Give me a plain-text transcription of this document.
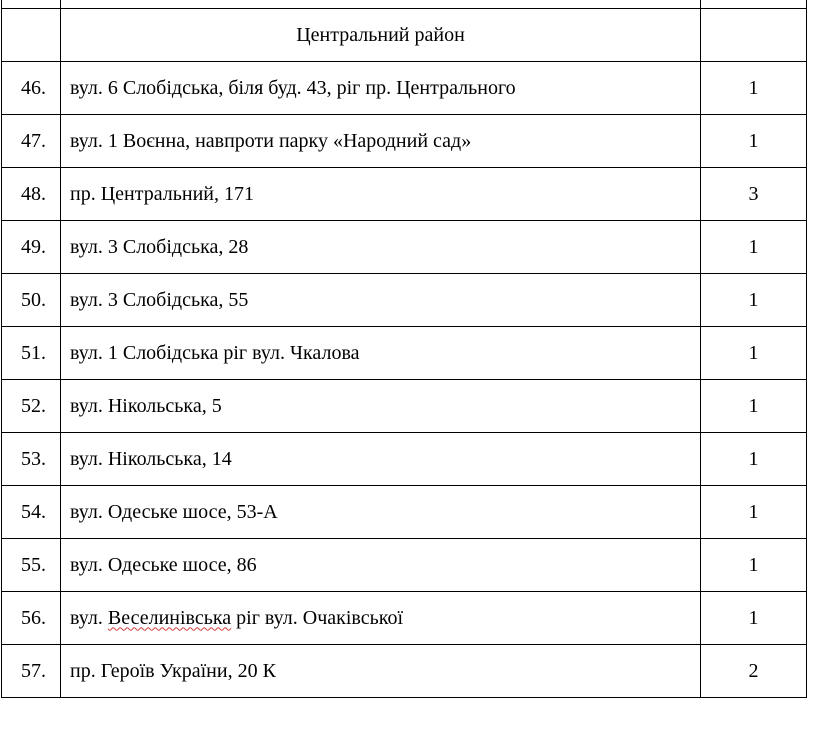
	Центральний район	
46.	вул. 6 Слобідська, біля буд. 43, ріг пр. Центрального	1
47.	вул. 1 Воєнна, навпроти парку «Народний сад»	1
48.	пр. Центральний, 171	3
49.	вул. 3 Слобідська, 28	1
50.	вул. 3 Слобідська, 55	1
51.	вул. 1 Слобідська ріг вул. Чкалова	1
52.	вул. Нікольська, 5	1
53.	вул. Нікольська, 14	1
54.	вул. Одеське шосе, 53-А	1
55.	вул. Одеське шосе, 86	1
56.	вул. Веселинівська ріг вул. Очаківської	1
57.	пр. Героїв України, 20 К	2
